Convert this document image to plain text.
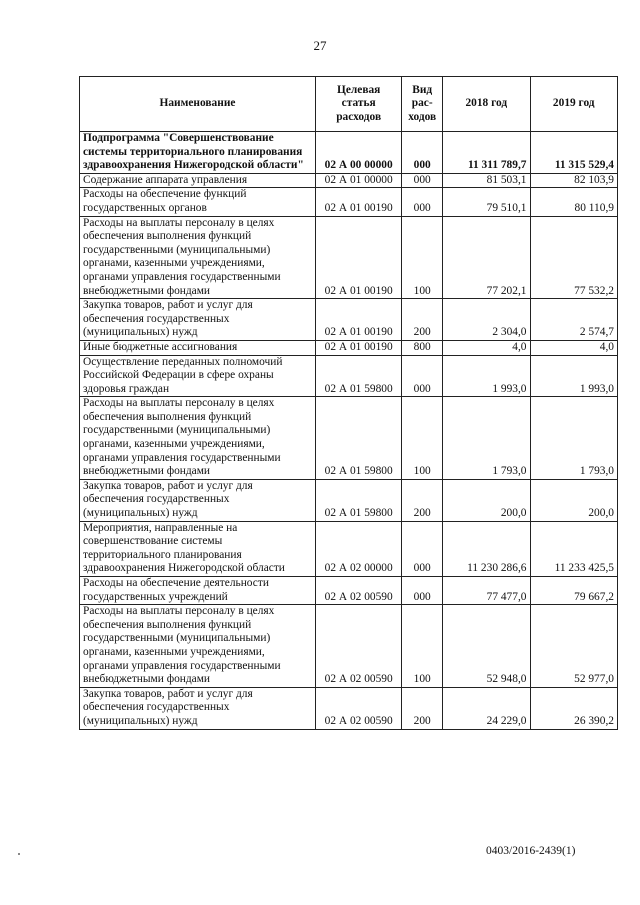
27
Наименование	Целевая статья расходов	Вид рас-ходов	2018 год	2019 год
Подпрограмма "Совершенствование системы территориального планирования здравоохранения Нижегородской области"	02 А 00 00000	000	11 311 789,7	11 315 529,4
Содержание аппарата управления	02 А 01 00000	000	81 503,1	82 103,9
Расходы на обеспечение функций государственных органов	02 А 01 00190	000	79 510,1	80 110,9
Расходы на выплаты персоналу в целях обеспечения выполнения функций государственными (муниципальными) органами, казенными учреждениями, органами управления государственными внебюджетными фондами	02 А 01 00190	100	77 202,1	77 532,2
Закупка товаров, работ и услуг для обеспечения государственных (муниципальных) нужд	02 А 01 00190	200	2 304,0	2 574,7
Иные бюджетные ассигнования	02 А 01 00190	800	4,0	4,0
Осуществление переданных полномочий Российской Федерации в сфере охраны здоровья граждан	02 А 01 59800	000	1 993,0	1 993,0
Расходы на выплаты персоналу в целях обеспечения выполнения функций государственными (муниципальными) органами, казенными учреждениями, органами управления государственными внебюджетными фондами	02 А 01 59800	100	1 793,0	1 793,0
Закупка товаров, работ и услуг для обеспечения государственных (муниципальных) нужд	02 А 01 59800	200	200,0	200,0
Мероприятия, направленные на совершенствование системы территориального планирования здравоохранения Нижегородской области	02 А 02 00000	000	11 230 286,6	11 233 425,5
Расходы на обеспечение деятельности государственных учреждений	02 А 02 00590	000	77 477,0	79 667,2
Расходы на выплаты персоналу в целях обеспечения выполнения функций государственными (муниципальными) органами, казенными учреждениями, органами управления государственными внебюджетными фондами	02 А 02 00590	100	52 948,0	52 977,0
Закупка товаров, работ и услуг для обеспечения государственных (муниципальных) нужд	02 А 02 00590	200	24 229,0	26 390,2
0403/2016-2439(1)
